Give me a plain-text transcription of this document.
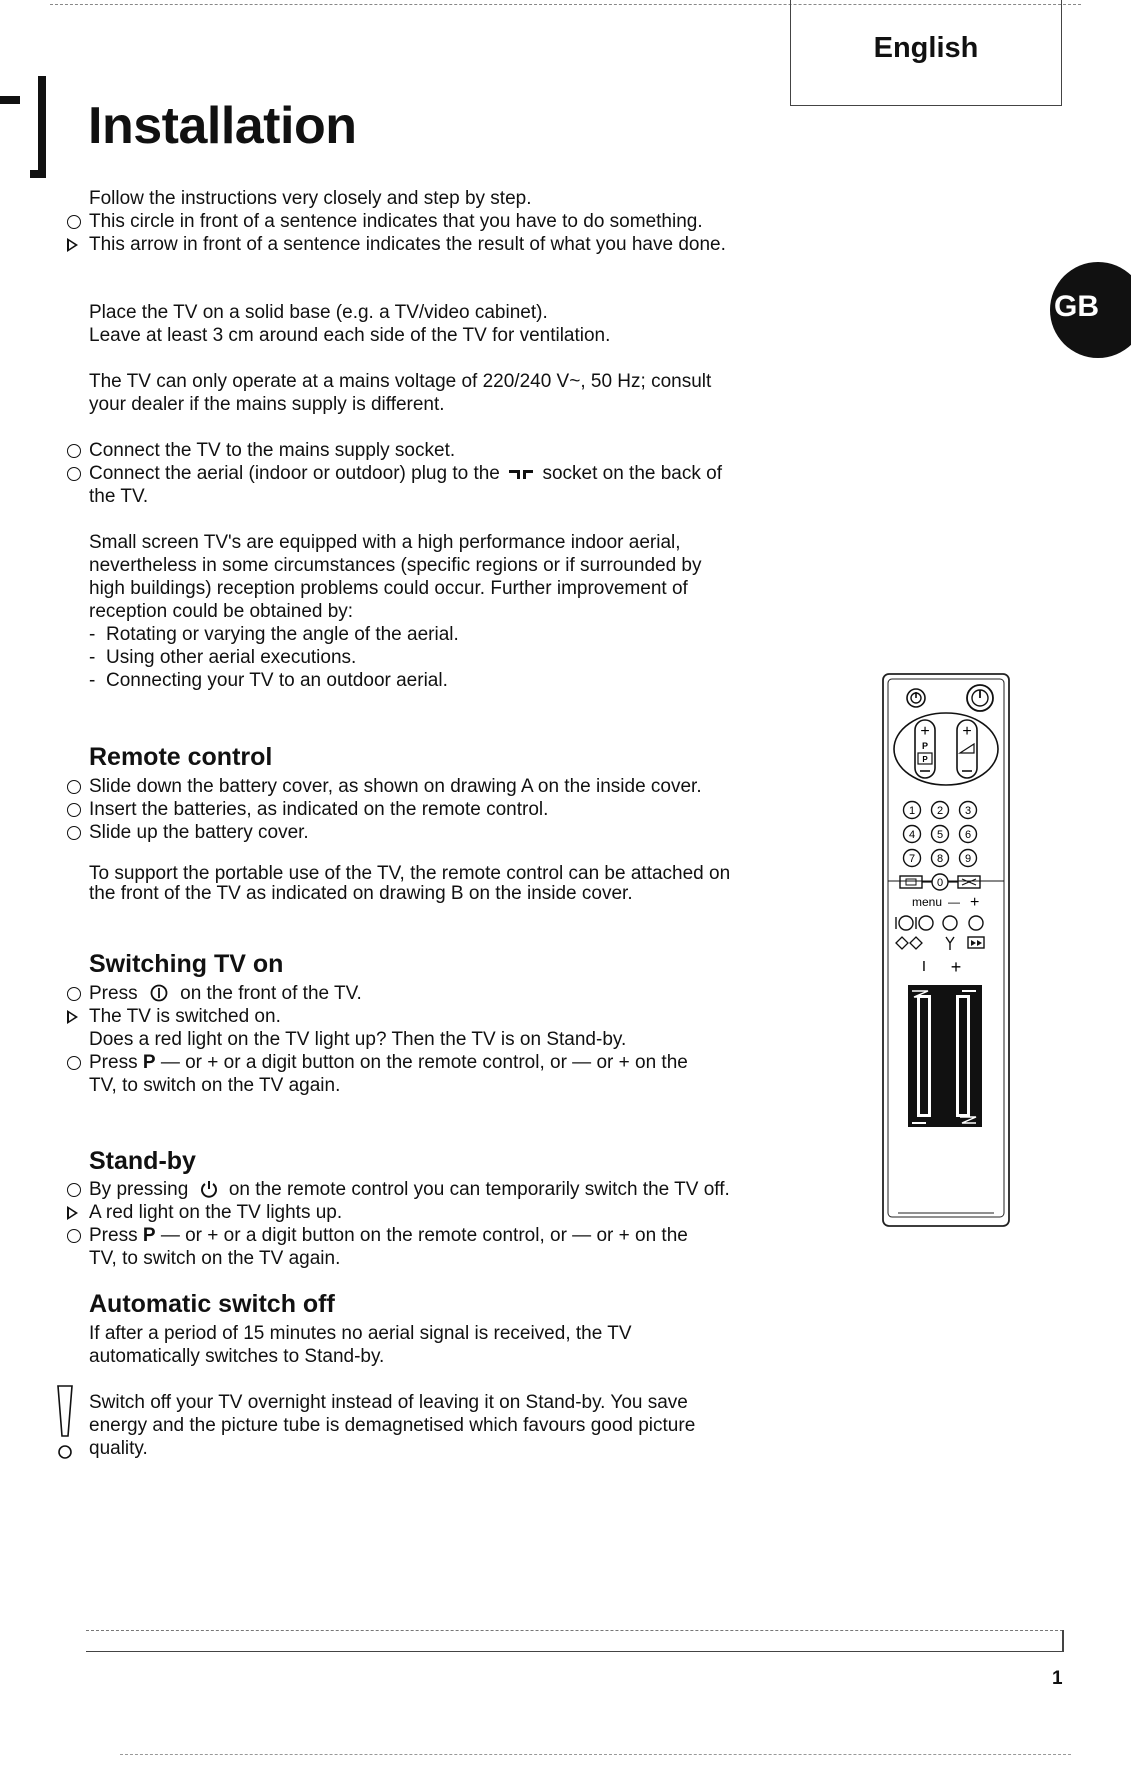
English
Installation
GB
Follow the instructions very closely and step by step.
This circle in front of a sentence indicates that you have to do something.
This arrow in front of a sentence indicates the result of what you have done.
Place the TV on a solid base (e.g. a TV/video cabinet).
Leave at least 3 cm around each side of the TV for ventilation.
The TV can only operate at a mains voltage of 220/240 V~, 50 Hz; consult
your dealer if the mains supply is different.
Connect the TV to the mains supply socket.
Connect the aerial (indoor or outdoor) plug to the socket on the back of
the TV.
Small screen TV's are equipped with a high performance indoor aerial,
nevertheless in some circumstances (specific regions or if surrounded by
high buildings) reception problems could occur. Further improvement of
reception could be obtained by:
- Rotating or varying the angle of the aerial.
- Using other aerial executions.
- Connecting your TV to an outdoor aerial.
Remote control
Slide down the battery cover, as shown on drawing A on the inside cover.
Insert the batteries, as indicated on the remote control.
Slide up the battery cover.
To support the portable use of the TV, the remote control can be attached on
the front of the TV as indicated on drawing B on the inside cover.
Switching TV on
Press on the front of the TV.
The TV is switched on.
Does a red light on the TV light up? Then the TV is on Stand-by.
Press P — or + or a digit button on the remote control, or — or + on the
TV, to switch on the TV again.
Stand-by
By pressing on the remote control you can temporarily switch the TV off.
A red light on the TV lights up.
Press P — or + or a digit button on the remote control, or — or + on the
TV, to switch on the TV again.
Automatic switch off
If after a period of 15 minutes no aerial signal is received, the TV
automatically switches to Stand-by.
Switch off your TV overnight instead of leaving it on Stand-by. You save
energy and the picture tube is demagnetised which favours good picture
quality.
+
P
P
+
1 2 3
4 5 6
7 8 9
0
menu — +
I +
1
